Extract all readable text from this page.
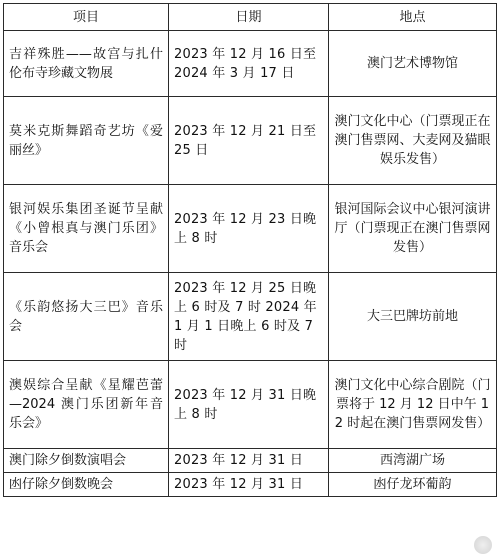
项目	日期	地点
吉祥殊胜——故宫与扎什伦布寺珍藏文物展	2023 年 12 月 16 日至 2024 年 3 月 17 日	澳门艺术博物馆
莫米克斯舞蹈奇艺坊《爱丽丝》	2023 年 12 月 21 日至 25 日	澳门文化中心（门票现正在澳门售票网、大麦网及猫眼娱乐发售）
银河娱乐集团圣诞节呈献《小曾根真与澳门乐团》音乐会	2023 年 12 月 23 日晚上 8 时	银河国际会议中心银河演讲厅（门票现正在澳门售票网发售）
《乐韵悠扬大三巴》音乐会	2023 年 12 月 25 日晚上 6 时及 7 时 2024 年 1 月 1 日晚上 6 时及 7 时	大三巴牌坊前地
澳娱综合呈献《星耀芭蕾—2024 澳门乐团新年音乐会》	2023 年 12 月 31 日晚上 8 时	澳门文化中心综合剧院（门票将于 12 月 12 日中午 12 时起在澳门售票网发售）
澳门除夕倒数演唱会	2023 年 12 月 31 日	西湾湖广场
凼仔除夕倒数晚会	2023 年 12 月 31 日	凼仔龙环葡韵
